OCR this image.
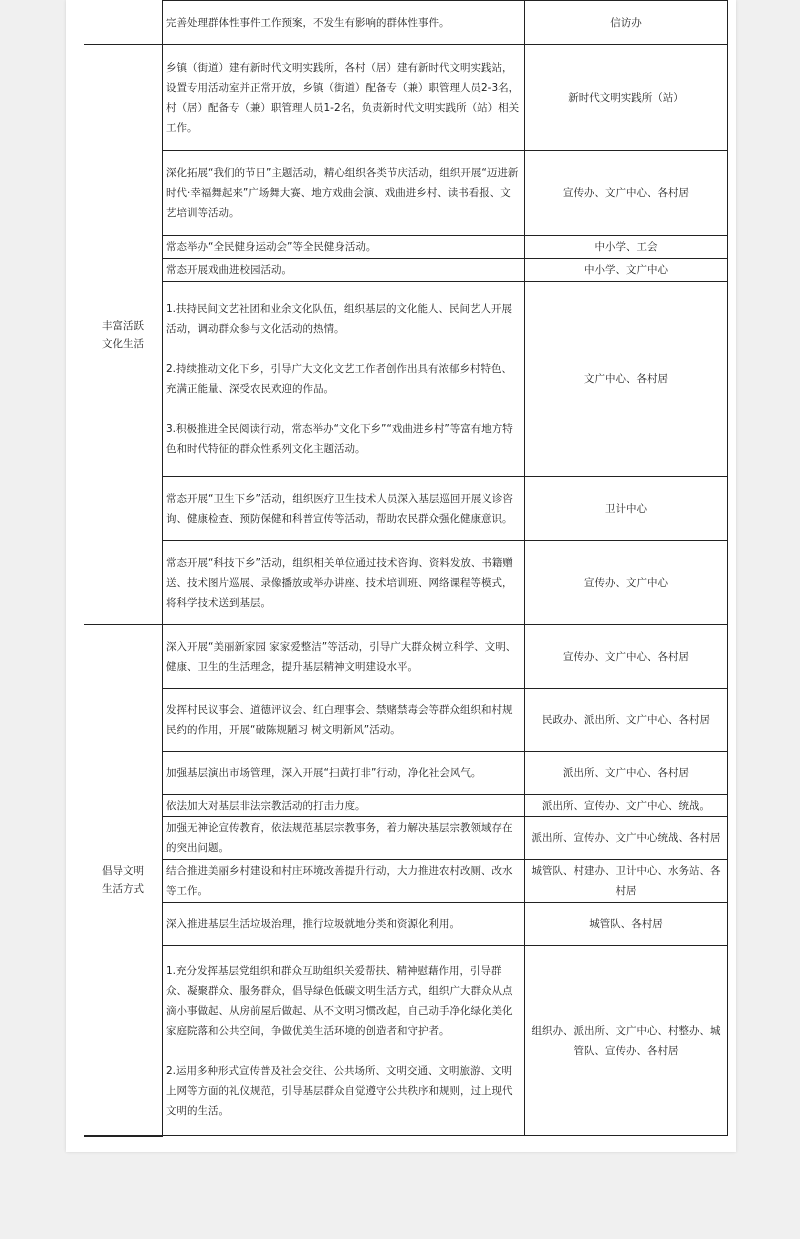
	完善处理群体性事件工作预案，不发生有影响的群体性事件。	信访办

丰富活跃
文化生活	乡镇（街道）建有新时代文明实践所，各村（居）建有新时代文明实践站，设置专用活动室并正常开放，乡镇（街道）配备专（兼）职管理人员2-3名，村（居）配备专（兼）职管理人员1-2名，负责新时代文明实践所（站）相关工作。	新时代文明实践所（站）
	深化拓展“我们的节日”主题活动，精心组织各类节庆活动，组织开展“迈进新时代·幸福舞起来”广场舞大赛、地方戏曲会演、戏曲进乡村、读书看报、文艺培训等活动。	宣传办、文广中心、各村居
	常态举办“全民健身运动会”等全民健身活动。	中小学、工会
	常态开展戏曲进校园活动。	中小学、文广中心

	1.扶持民间文艺社团和业余文化队伍，组织基层的文化能人、民间艺人开展活动，调动群众参与文化活动的热情。
2.持续推动文化下乡，引导广大文化文艺工作者创作出具有浓郁乡村特色、充满正能量、深受农民欢迎的作品。
3.积极推进全民阅读行动，常态举办“文化下乡”“戏曲进乡村”等富有地方特色和时代特征的群众性系列文化主题活动。	文广中心、各村居
	常态开展“卫生下乡”活动，组织医疗卫生技术人员深入基层巡回开展义诊咨询、健康检查、预防保健和科普宣传等活动，帮助农民群众强化健康意识。	卫计中心
	常态开展“科技下乡”活动，组织相关单位通过技术咨询、资料发放、书籍赠送、技术图片巡展、录像播放或举办讲座、技术培训班、网络课程等模式，将科学技术送到基层。	宣传办、文广中心

倡导文明
生活方式	深入开展“美丽新家园 家家爱整洁”等活动，引导广大群众树立科学、文明、健康、卫生的生活理念，提升基层精神文明建设水平。	宣传办、文广中心、各村居
	发挥村民议事会、道德评议会、红白理事会、禁赌禁毒会等群众组织和村规民约的作用，开展“破陈规陋习 树文明新风”活动。	民政办、派出所、文广中心、各村居
	加强基层演出市场管理，深入开展“扫黄打非”行动，净化社会风气。	派出所、文广中心、各村居
	依法加大对基层非法宗教活动的打击力度。	派出所、宣传办、文广中心、统战。
	加强无神论宣传教育，依法规范基层宗教事务，着力解决基层宗教领域存在的突出问题。	派出所、宣传办、文广中心统战、各村居
	结合推进美丽乡村建设和村庄环境改善提升行动，大力推进农村改厕、改水等工作。	城管队、村建办、卫计中心、水务站、各村居
	深入推进基层生活垃圾治理，推行垃圾就地分类和资源化利用。	城管队、各村居

	1.充分发挥基层党组织和群众互助组织关爱帮扶、精神慰藉作用，引导群众、凝聚群众、服务群众，倡导绿色低碳文明生活方式，组织广大群众从点滴小事做起、从房前屋后做起、从不文明习惯改起，自己动手净化绿化美化家庭院落和公共空间，争做优美生活环境的创造者和守护者。
2.运用多种形式宣传普及社会交往、公共场所、文明交通、文明旅游、文明上网等方面的礼仪规范，引导基层群众自觉遵守公共秩序和规则，过上现代文明的生活。	组织办、派出所、文广中心、村整办、城管队、宣传办、各村居
